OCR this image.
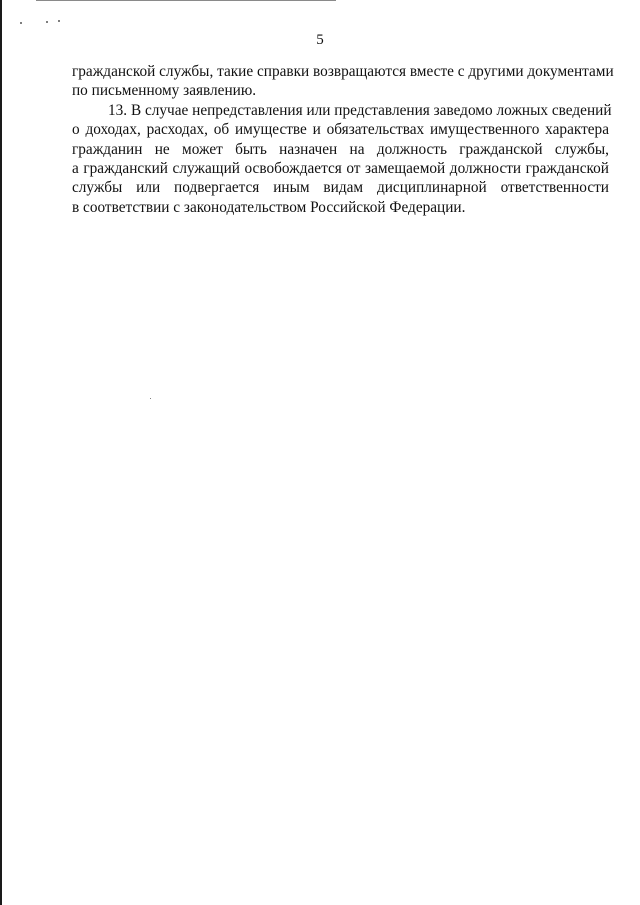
5

гражданской службы, такие справки возвращаются вместе с другими документами
по письменному заявлению.

13. В случае непредставления или представления заведомо ложных сведений
о доходах, расходах, об имуществе и обязательствах имущественного характера
гражданин не может быть назначен на должность гражданской службы,
а гражданский служащий освобождается от замещаемой должности гражданской
службы или подвергается иным видам дисциплинарной ответственности
в соответствии с законодательством Российской Федерации.
